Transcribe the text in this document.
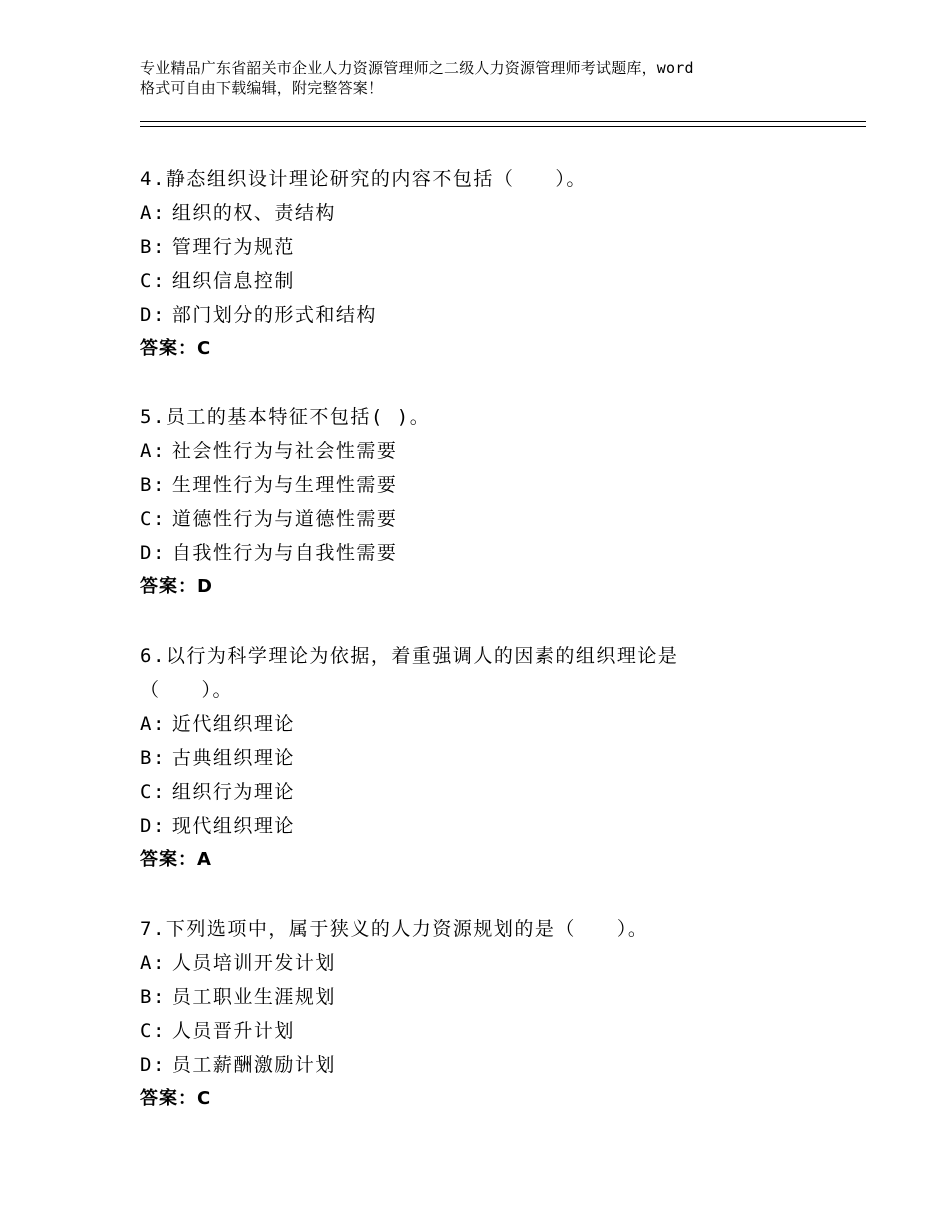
专业精品广东省韶关市企业人力资源管理师之二级人力资源管理师考试题库，word
格式可自由下载编辑，附完整答案！
4.静态组织设计理论研究的内容不包括（　　）。
A: 组织的权、责结构
B: 管理行为规范
C: 组织信息控制
D: 部门划分的形式和结构
答案：C
5.员工的基本特征不包括( )。
A: 社会性行为与社会性需要
B: 生理性行为与生理性需要
C: 道德性行为与道德性需要
D: 自我性行为与自我性需要
答案：D
6.以行为科学理论为依据，着重强调人的因素的组织理论是
（　　）。
A: 近代组织理论
B: 古典组织理论
C: 组织行为理论
D: 现代组织理论
答案：A
7.下列选项中，属于狭义的人力资源规划的是（　　）。
A: 人员培训开发计划
B: 员工职业生涯规划
C: 人员晋升计划
D: 员工薪酬激励计划
答案：C
